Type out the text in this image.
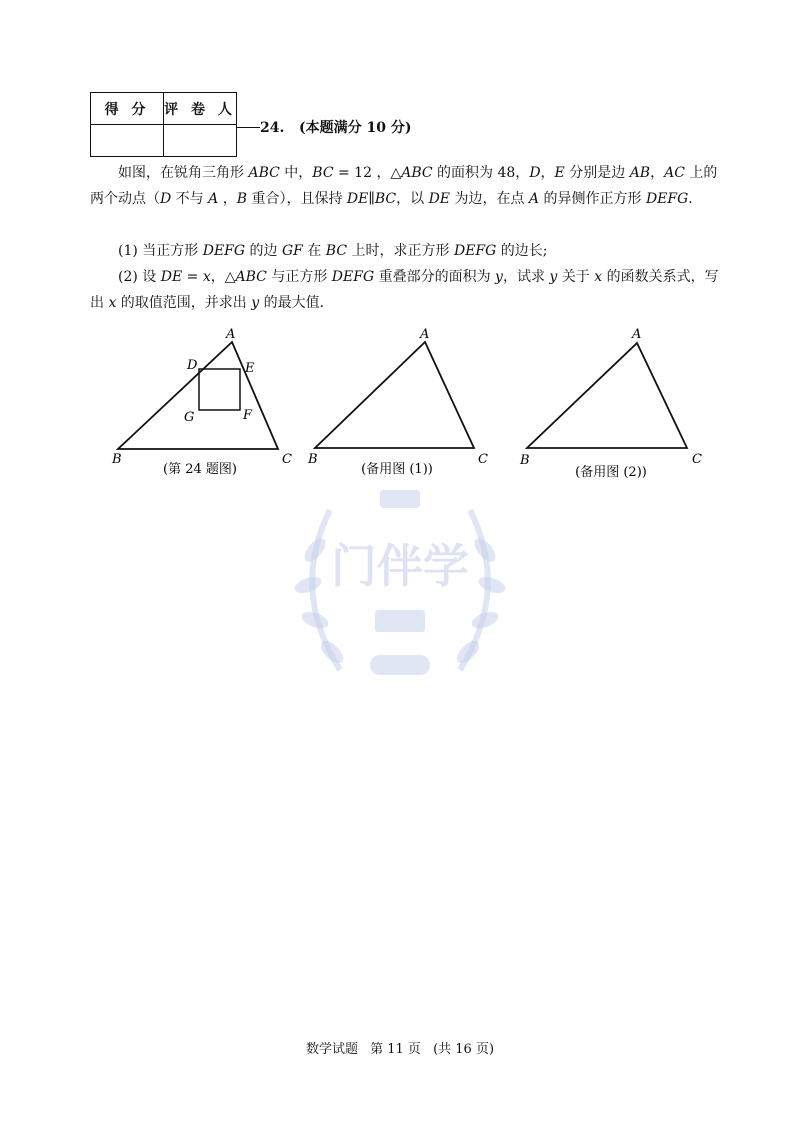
得 分	评 卷 人

24. (本题满分 10 分)
如图，在锐角三角形 ABC 中，BC = 12 ，△ABC 的面积为 48，D，E 分别是边 AB，AC 上的两个动点（D 不与 A ，B 重合），且保持 DE∥BC，以 DE 为边，在点 A 的异侧作正方形 DEFG.
(1) 当正方形 DEFG 的边 GF 在 BC 上时，求正方形 DEFG 的边长;
(2) 设 DE = x，△ABC 与正方形 DEFG 重叠部分的面积为 y，试求 y 关于 x 的函数关系式，写出 x 的取值范围，并求出 y 的最大值.
门伴学
A
D	E
G	F
B	C
(第 24 题图)
A
B	C
(备用图 (1))
A
B	C
(备用图 (2))
数学试题 第 11 页 (共 16 页)
